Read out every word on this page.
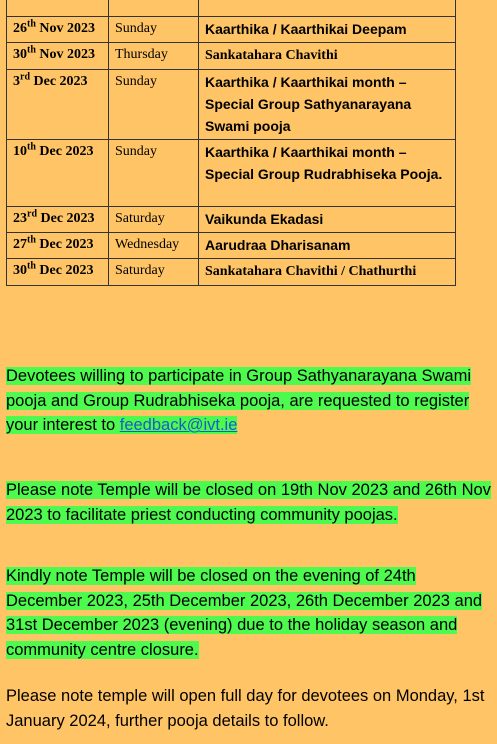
26th Nov 2023	Sunday	Kaarthika / Kaarthikai Deepam
30th Nov 2023	Thursday	Sankatahara Chavithi
3rd Dec 2023	Sunday	Kaarthika / Kaarthikai month – Special Group Sathyanarayana Swami pooja
10th Dec 2023	Sunday	Kaarthika / Kaarthikai month – Special Group Rudrabhiseka Pooja.
23rd Dec 2023	Saturday	Vaikunda Ekadasi
27th Dec 2023	Wednesday	Aarudraa Dharisanam
30th Dec 2023	Saturday	Sankatahara Chavithi / Chathurthi

Devotees willing to participate in Group Sathyanarayana Swami pooja and Group Rudrabhiseka pooja, are requested to register your interest to feedback@ivt.ie

Please note Temple will be closed on 19th Nov 2023 and 26th Nov 2023 to facilitate priest conducting community poojas.

Kindly note Temple will be closed on the evening of 24th December 2023, 25th December 2023, 26th December 2023 and 31st December 2023 (evening) due to the holiday season and community centre closure.

Please note temple will open full day for devotees on Monday, 1st January 2024, further pooja details to follow.
